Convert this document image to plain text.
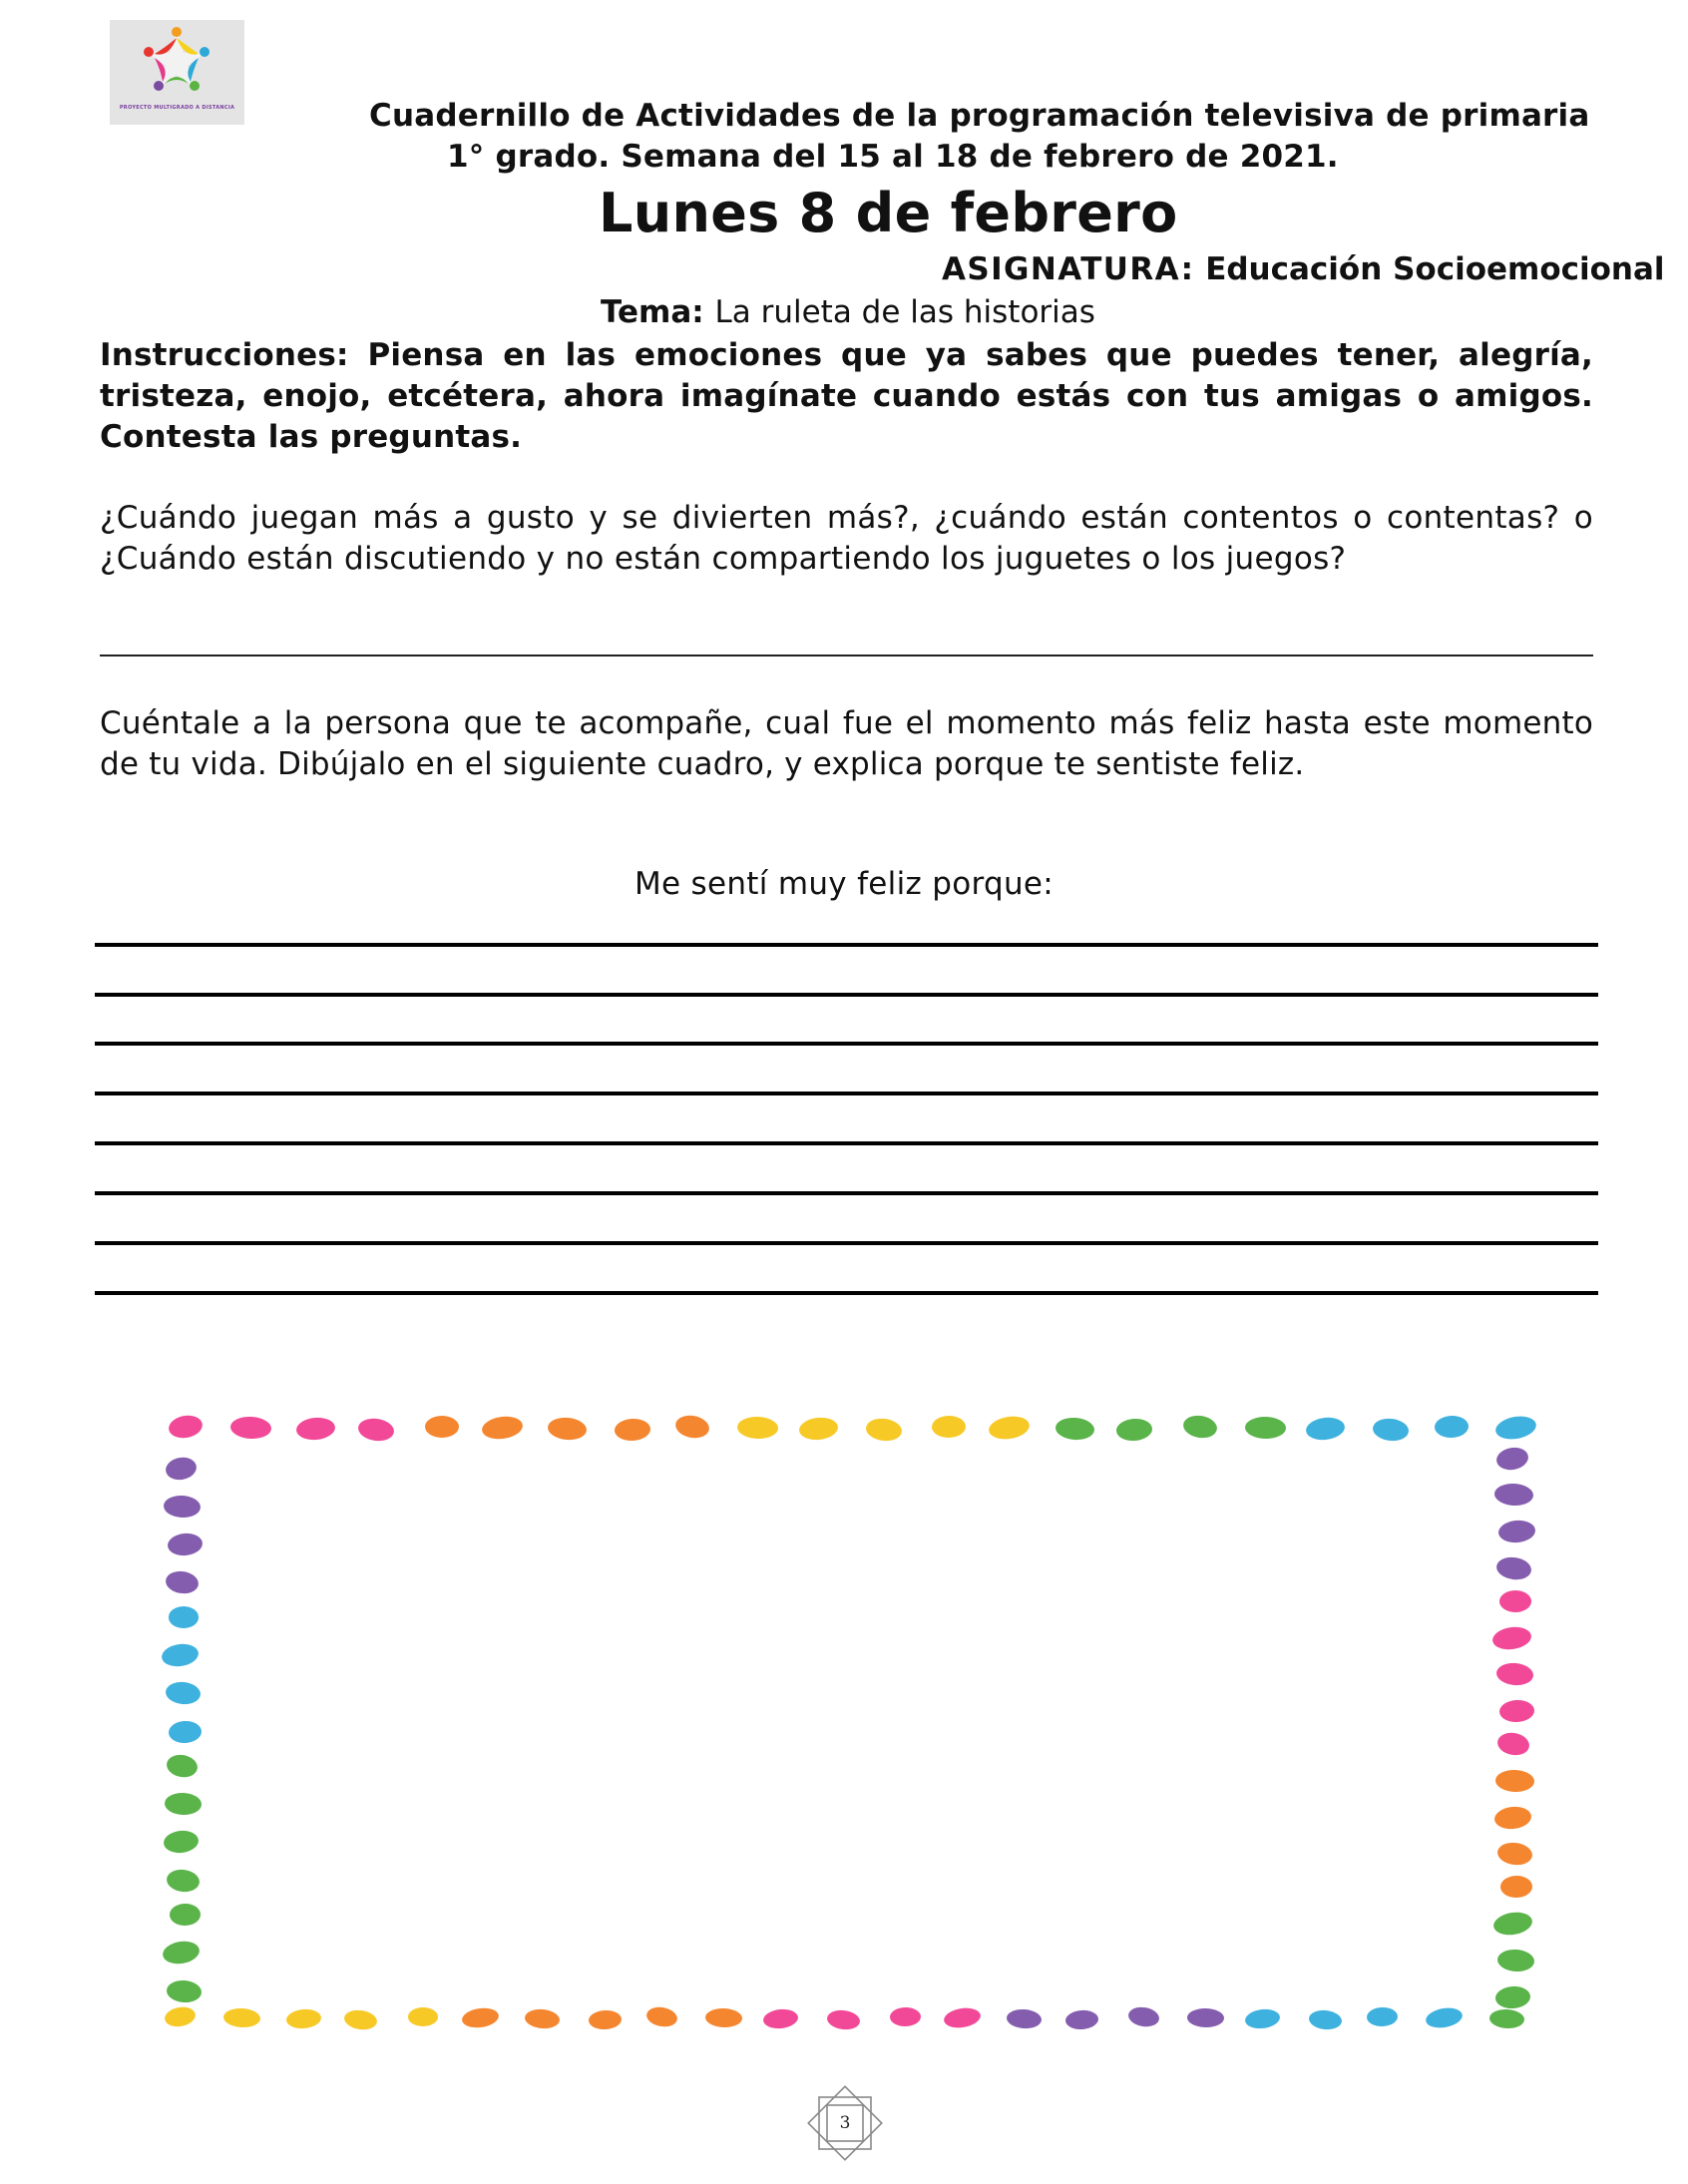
PROYECTO MULTIGRADO A DISTANCIA	Cuadernillo de Actividades de la programación televisiva de primaria
1° grado. Semana del 15 al 18 de febrero de 2021.
Lunes 8 de febrero
ASIGNATURA: Educación Socioemocional
Tema: La ruleta de las historias
Instrucciones: Piensa en las emociones que ya sabes que puedes tener, alegría, tristeza, enojo, etcétera, ahora imagínate cuando estás con tus amigas o amigos. Contesta las preguntas.
¿Cuándo juegan más a gusto y se divierten más?, ¿cuándo están contentos o contentas? o ¿Cuándo están discutiendo y no están compartiendo los juguetes o los juegos?
Cuéntale a la persona que te acompañe, cual fue el momento más feliz hasta este momento de tu vida. Dibújalo en el siguiente cuadro, y explica porque te sentiste feliz.
Me sentí muy feliz porque:
3
